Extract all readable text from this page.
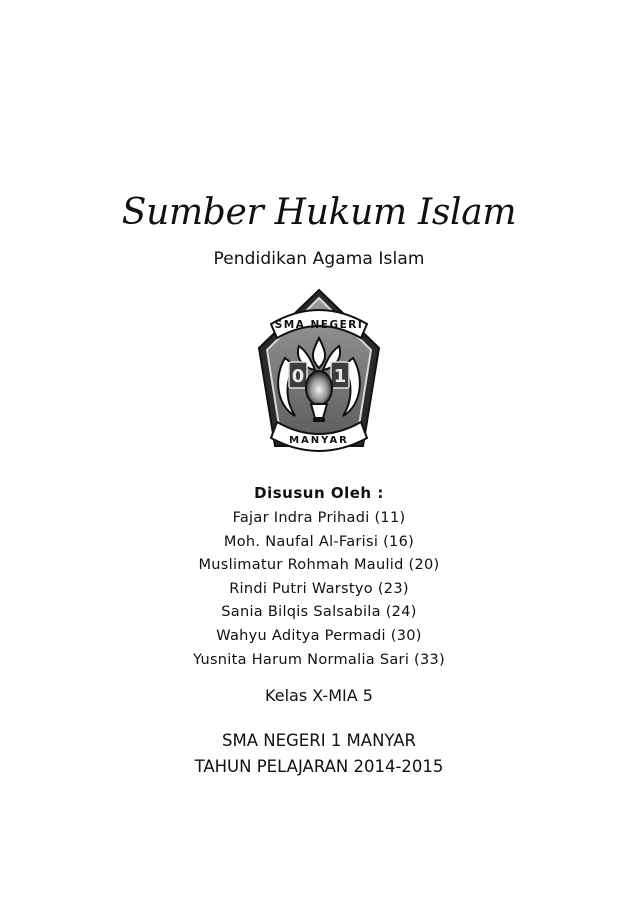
Sumber Hukum Islam
Pendidikan Agama Islam
SMA NEGERI
MANYAR
0 1
Disusun Oleh :
Fajar Indra Prihadi (11)
Moh. Naufal Al-Farisi (16)
Muslimatur Rohmah Maulid (20)
Rindi Putri Warstyo (23)
Sania Bilqis Salsabila (24)
Wahyu Aditya Permadi (30)
Yusnita Harum Normalia Sari (33)
Kelas X-MIA 5
SMA NEGERI 1 MANYAR
TAHUN PELAJARAN 2014-2015
